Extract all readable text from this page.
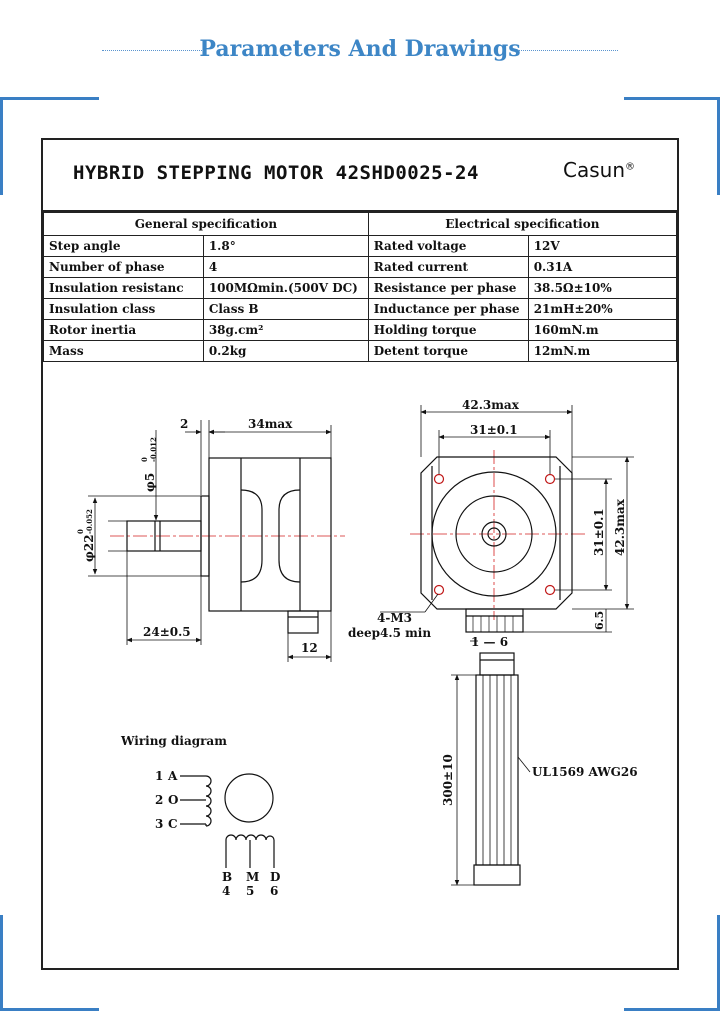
Parameters And Drawings
HYBRID STEPPING MOTOR 42SHD0025-24	Casun®
General specification		Electrical specification	
Step angle	1.8°	Rated voltage	12V
Number of phase	4	Rated current	0.31A
Insulation resistanc	100MΩmin.(500V DC)	Resistance per phase	38.5Ω±10%
Insulation class	Class B	Inductance per phase	21mH±20%
Rotor inertia	38g.cm²	Holding torque	160mN.m
Mass	0.2kg	Detent torque	12mN.m
2	34max
φ5
0 -0.012
φ22
0 -0.052
24±0.5
12
42.3max
31±0.1
31±0.1 42.3max
6.5
4-M3
deep4.5 min
1 — 6
300±10	UL1569 AWG26
Wiring diagram
1 A
2 O
3 C
B
4
M
5
D
6
